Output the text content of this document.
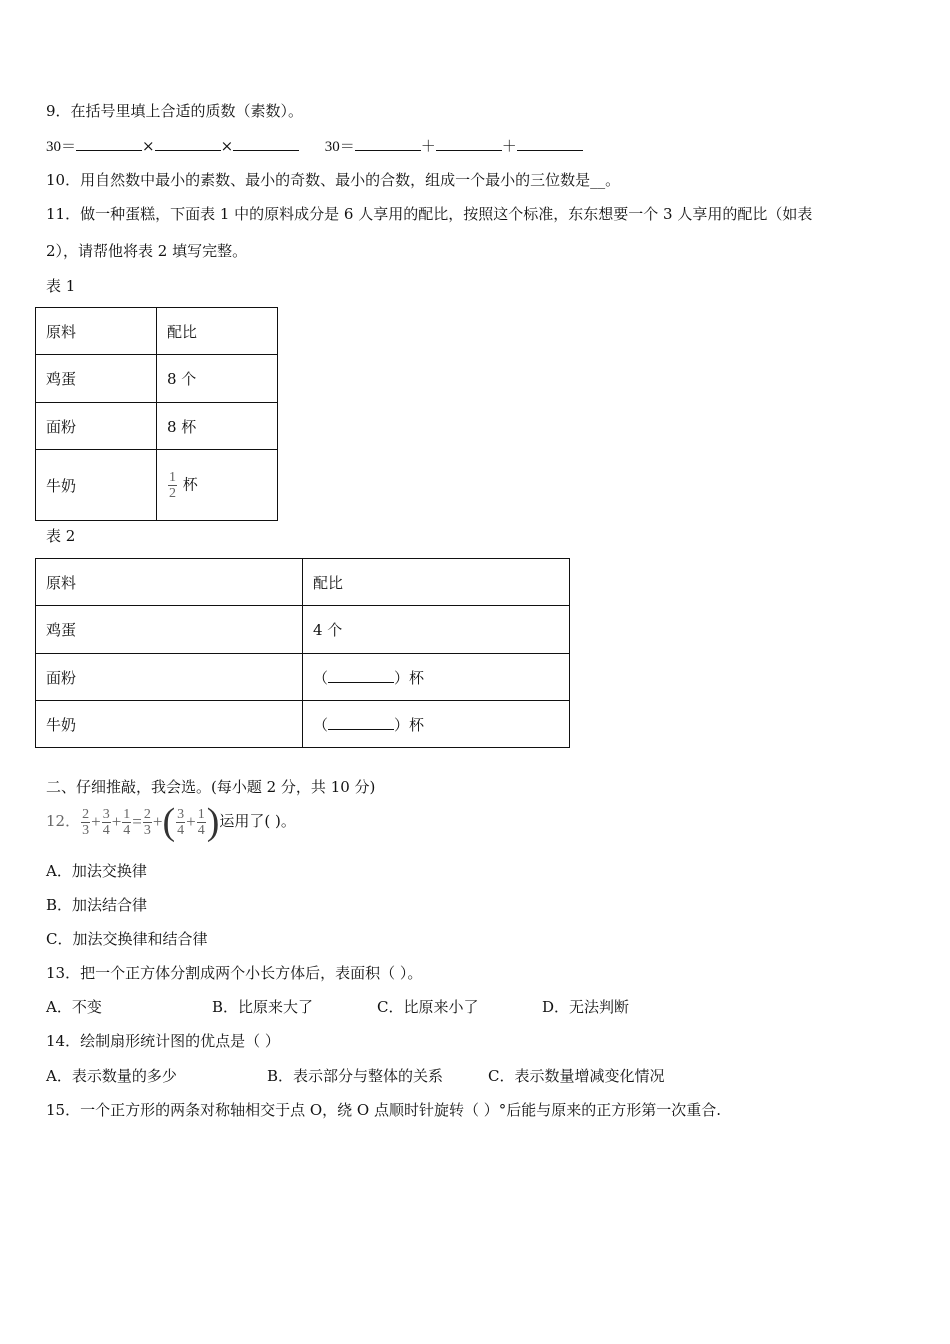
9．在括号里填上合适的质数（素数）。
30＝	×	×	30＝	＋	＋
10．用自然数中最小的素数、最小的奇数、最小的合数，组成一个最小的三位数是__。
11．做一种蛋糕，下面表 1 中的原料成分是 6 人享用的配比，按照这个标准，东东想要一个 3 人享用的配比（如表
2），请帮他将表 2 填写完整。
表 1
原料	配比
鸡蛋	8 个
面粉	8 杯
牛奶	$\frac{1}{2}$ 杯
表 2
原料	配比
鸡蛋	4 个
面粉	（ ）杯
牛奶	（ ）杯
二、仔细推敲，我会选。(每小题 2 分，共 10 分)
12． $\frac{2}{3} + \frac{3}{4} + \frac{1}{4} = \frac{2}{3}$ +( $\frac{3}{4} + \frac{1}{4}$ )运用了( )。
A．加法交换律
B．加法结合律
C．加法交换律和结合律
13．把一个正方体分割成两个小长方体后，表面积（ ）。
A．不变	B．比原来大了	C．比原来小了	D．无法判断
14．绘制扇形统计图的优点是（ ）
A．表示数量的多少	B．表示部分与整体的关系	C．表示数量增减变化情况
15．一个正方形的两条对称轴相交于点 O，绕 O 点顺时针旋转（ ）°后能与原来的正方形第一次重合.
